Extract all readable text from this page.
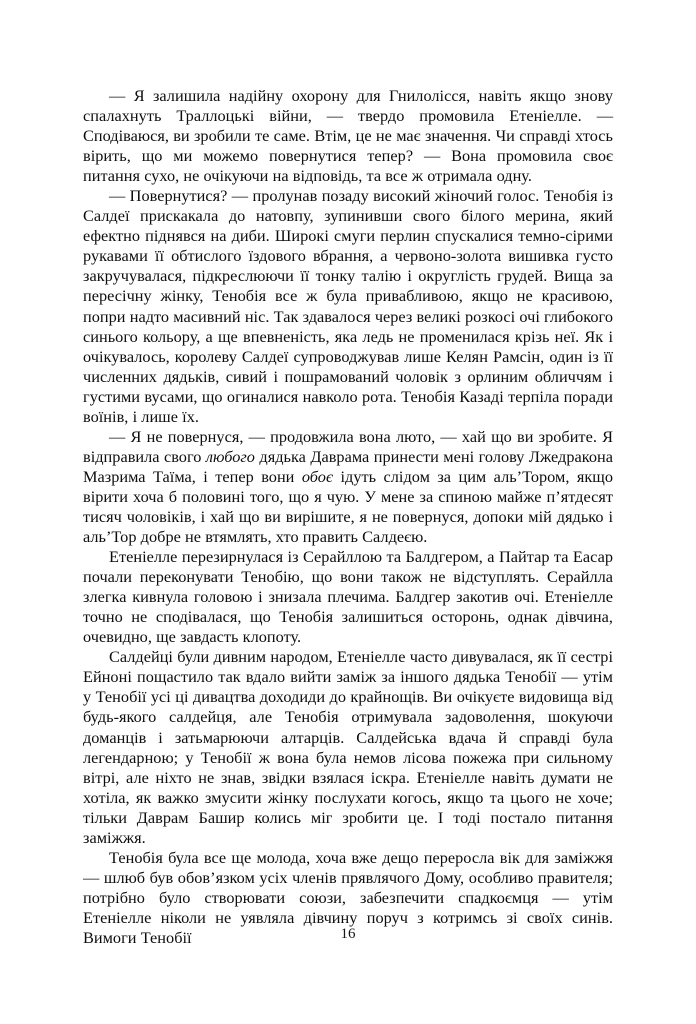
— Я залишила надійну охорону для Гнилолісся, навіть якщо знову спалахнуть Траллоцькі війни, — твердо промовила Етеніелле. — Сподіваюся, ви зробили те саме. Втім, це не має значення. Чи справді хтось вірить, що ми можемо повернутися тепер? — Вона промовила своє питання сухо, не очікуючи на відповідь, та все ж отримала одну.

— Повернутися? — пролунав позаду високий жіночий голос. Тенобія із Салдеї прискакала до натовпу, зупинивши свого білого мерина, який ефектно піднявся на диби. Широкі смуги перлин спускалися темно-сірими рукавами її обтислого їздового вбрання, а червоно-золота вишивка густо закручувалася, підкреслюючи її тонку талію і округлість грудей. Вища за пересічну жінку, Тенобія все ж була привабливою, якщо не красивою, попри надто масивний ніс. Так здавалося через великі розкосі очі глибокого синього кольору, а ще впевненість, яка ледь не променилася крізь неї. Як і очікувалось, королеву Салдеї супроводжував лише Келян Рамсін, один із її численних дядьків, сивий і пошрамований чоловік з орлиним обличчям і густими вусами, що огиналися навколо рота. Тенобія Казаді терпіла поради воїнів, і лише їх.

— Я не повернуся, — продовжила вона люто, — хай що ви зробите. Я відправила свого любого дядька Даврама принести мені голову Лжедракона Мазрима Таїма, і тепер вони обоє ідуть слідом за цим аль’Тором, якщо вірити хоча б половині того, що я чую. У мене за спиною майже п’ятдесят тисяч чоловіків, і хай що ви вирішите, я не повернуся, допоки мій дядько і аль’Тор добре не втямлять, хто править Салдеєю.

Етеніелле перезирнулася із Серайллою та Балдгером, а Пайтар та Еасар почали переконувати Тенобію, що вони також не відступлять. Серайлла злегка кивнула головою і знизала плечима. Балдгер закотив очі. Етеніелле точно не сподівалася, що Тенобія залишиться осторонь, однак дівчина, очевидно, ще завдасть клопоту.

Салдейці були дивним народом, Етеніелле часто дивувалася, як її сестрі Ейноні пощастило так вдало вийти заміж за іншого дядька Тенобії — утім у Тенобії усі ці дивацтва доходиди до крайнощів. Ви очікуєте видовища від будь-якого салдейця, але Тенобія отримувала задоволення, шокуючи доманців і затьмарюючи алтарців. Салдейська вдача й справді була легендарною; у Тенобії ж вона була немов лісова пожежа при сильному вітрі, але ніхто не знав, звідки взялася іскра. Етеніелле навіть думати не хотіла, як важко змусити жінку послухати когось, якщо та цього не хоче; тільки Даврам Башир колись міг зробити це. І тоді постало питання заміжжя.

Тенобія була все ще молода, хоча вже дещо переросла вік для заміжжя — шлюб був обов’язком усіх членів прявлячого Дому, особливо правителя; потрібно було створювати союзи, забезпечити спадкоємця — утім Етеніелле ніколи не уявляла дівчину поруч з котримсь зі своїх синів. Вимоги Тенобії	16
